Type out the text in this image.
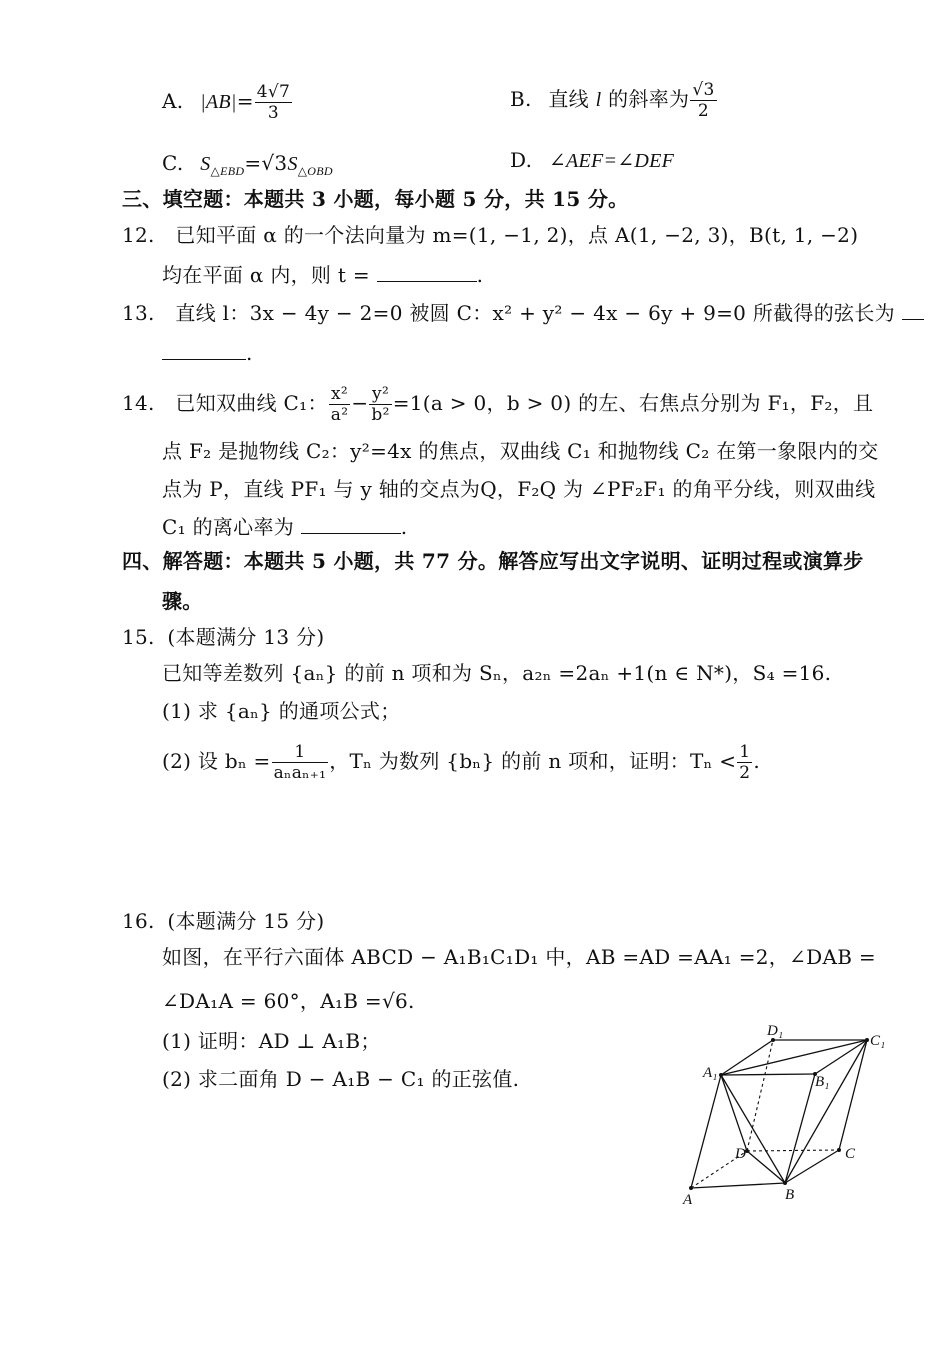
A. $|AB|= \frac{4√7}{3}$	B. 直线 l 的斜率为 $\frac{√3}{2}$
C. $S_{\triangle EBD}=√3S_{\triangle OBD}$	D. ∠AEF=∠DEF
三、填空题：本题共 3 小题，每小题 5 分，共 15 分。
12. 已知平面 α 的一个法向量为 m=(1, −1, 2)，点 A(1, −2, 3)，B(t, 1, −2)
均在平面 α 内，则 t =	.
13. 直线 l：3x − 4y − 2=0 被圆 C：x² + y² − 4x − 6y + 9=0 所截得的弦长为
.
14. 已知双曲线 C₁： $\frac{\text{x²}}{\text{a²}} - \frac{\text{y²}}{\text{b²}} =1(a > 0$，b > 0) 的左、右焦点分别为 F₁，F₂，且
点 F₂ 是抛物线 C₂：y²=4x 的焦点，双曲线 C₁ 和抛物线 C₂ 在第一象限内的交
点为 P，直线 PF₁ 与 y 轴的交点为Q，F₂Q 为 ∠PF₂F₁ 的角平分线，则双曲线
C₁ 的离心率为	.
四、解答题：本题共 5 小题，共 77 分。解答应写出文字说明、证明过程或演算步
骤。
15. (本题满分 13 分)
已知等差数列 {aₙ} 的前 n 项和为 Sₙ，a₂ₙ =2aₙ +1(n ∈ N*)，S₄ =16.
(1) 求 {aₙ} 的通项公式；
(2) 设 $b_n = \frac{1}{\text{aₙaₙ₊₁}}$ ，Tₙ 为数列 {bₙ} 的前 n 项和，证明：$T_n < \frac{1}{2}$ .
16. (本题满分 15 分)
如图，在平行六面体 ABCD − A₁B₁C₁D₁ 中，AB =AD =AA₁ =2，∠DAB =
∠DA₁A = 60°，A₁B =√6.
(1) 证明：AD ⊥ A₁B；
(2) 求二面角 D − A₁B − C₁ 的正弦值.	A₁
D₁
C₁
B₁
D	C
B
A
